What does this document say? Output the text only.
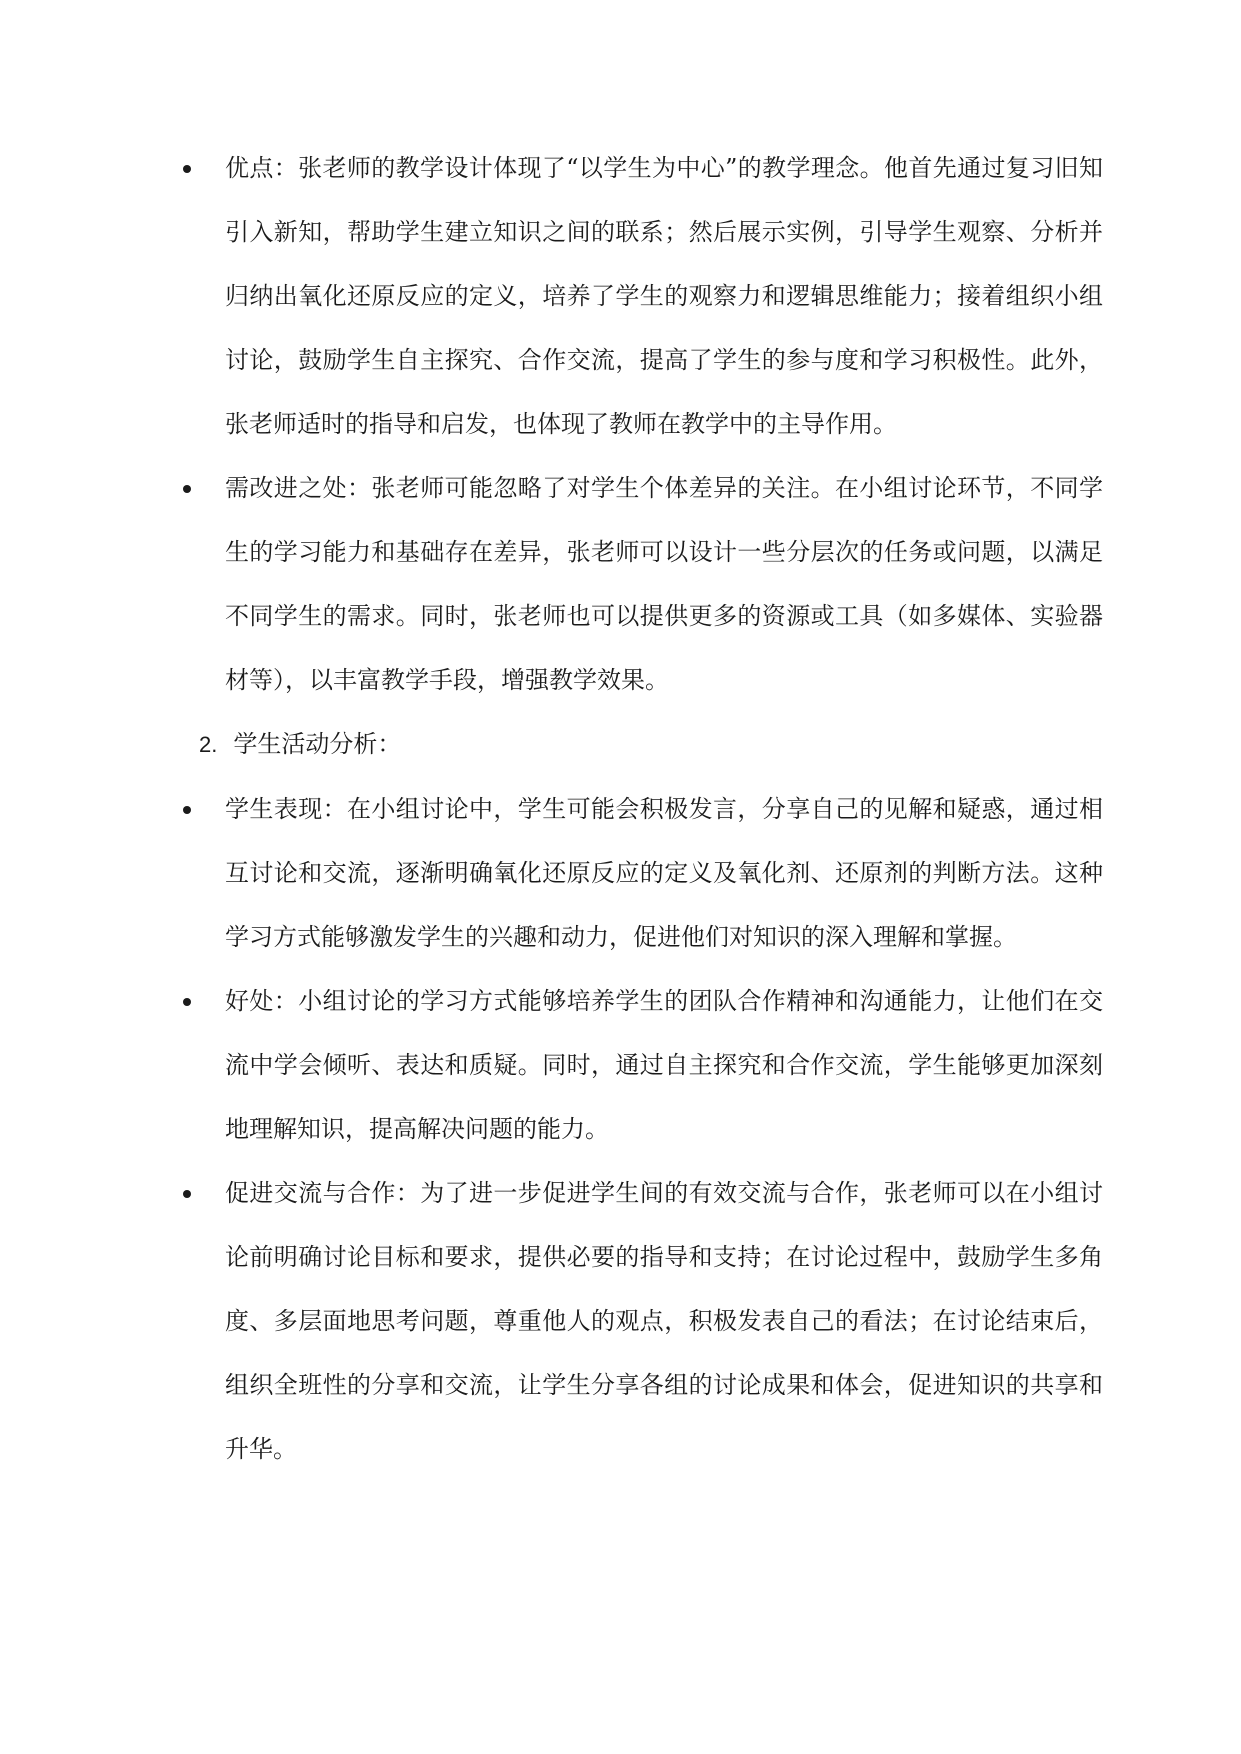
优点：张老师的教学设计体现了“以学生为中心”的教学理念。他首先通过复习旧知引入新知，帮助学生建立知识之间的联系；然后展示实例，引导学生观察、分析并归纳出氧化还原反应的定义，培养了学生的观察力和逻辑思维能力；接着组织小组讨论，鼓励学生自主探究、合作交流，提高了学生的参与度和学习积极性。此外，张老师适时的指导和启发，也体现了教师在教学中的主导作用。
需改进之处：张老师可能忽略了对学生个体差异的关注。在小组讨论环节，不同学生的学习能力和基础存在差异，张老师可以设计一些分层次的任务或问题，以满足不同学生的需求。同时，张老师也可以提供更多的资源或工具（如多媒体、实验器材等），以丰富教学手段，增强教学效果。
2. 学生活动分析：
学生表现：在小组讨论中，学生可能会积极发言，分享自己的见解和疑惑，通过相互讨论和交流，逐渐明确氧化还原反应的定义及氧化剂、还原剂的判断方法。这种学习方式能够激发学生的兴趣和动力，促进他们对知识的深入理解和掌握。
好处：小组讨论的学习方式能够培养学生的团队合作精神和沟通能力，让他们在交流中学会倾听、表达和质疑。同时，通过自主探究和合作交流，学生能够更加深刻地理解知识，提高解决问题的能力。
促进交流与合作：为了进一步促进学生间的有效交流与合作，张老师可以在小组讨论前明确讨论目标和要求，提供必要的指导和支持；在讨论过程中，鼓励学生多角度、多层面地思考问题，尊重他人的观点，积极发表自己的看法；在讨论结束后，组织全班性的分享和交流，让学生分享各组的讨论成果和体会，促进知识的共享和升华。
